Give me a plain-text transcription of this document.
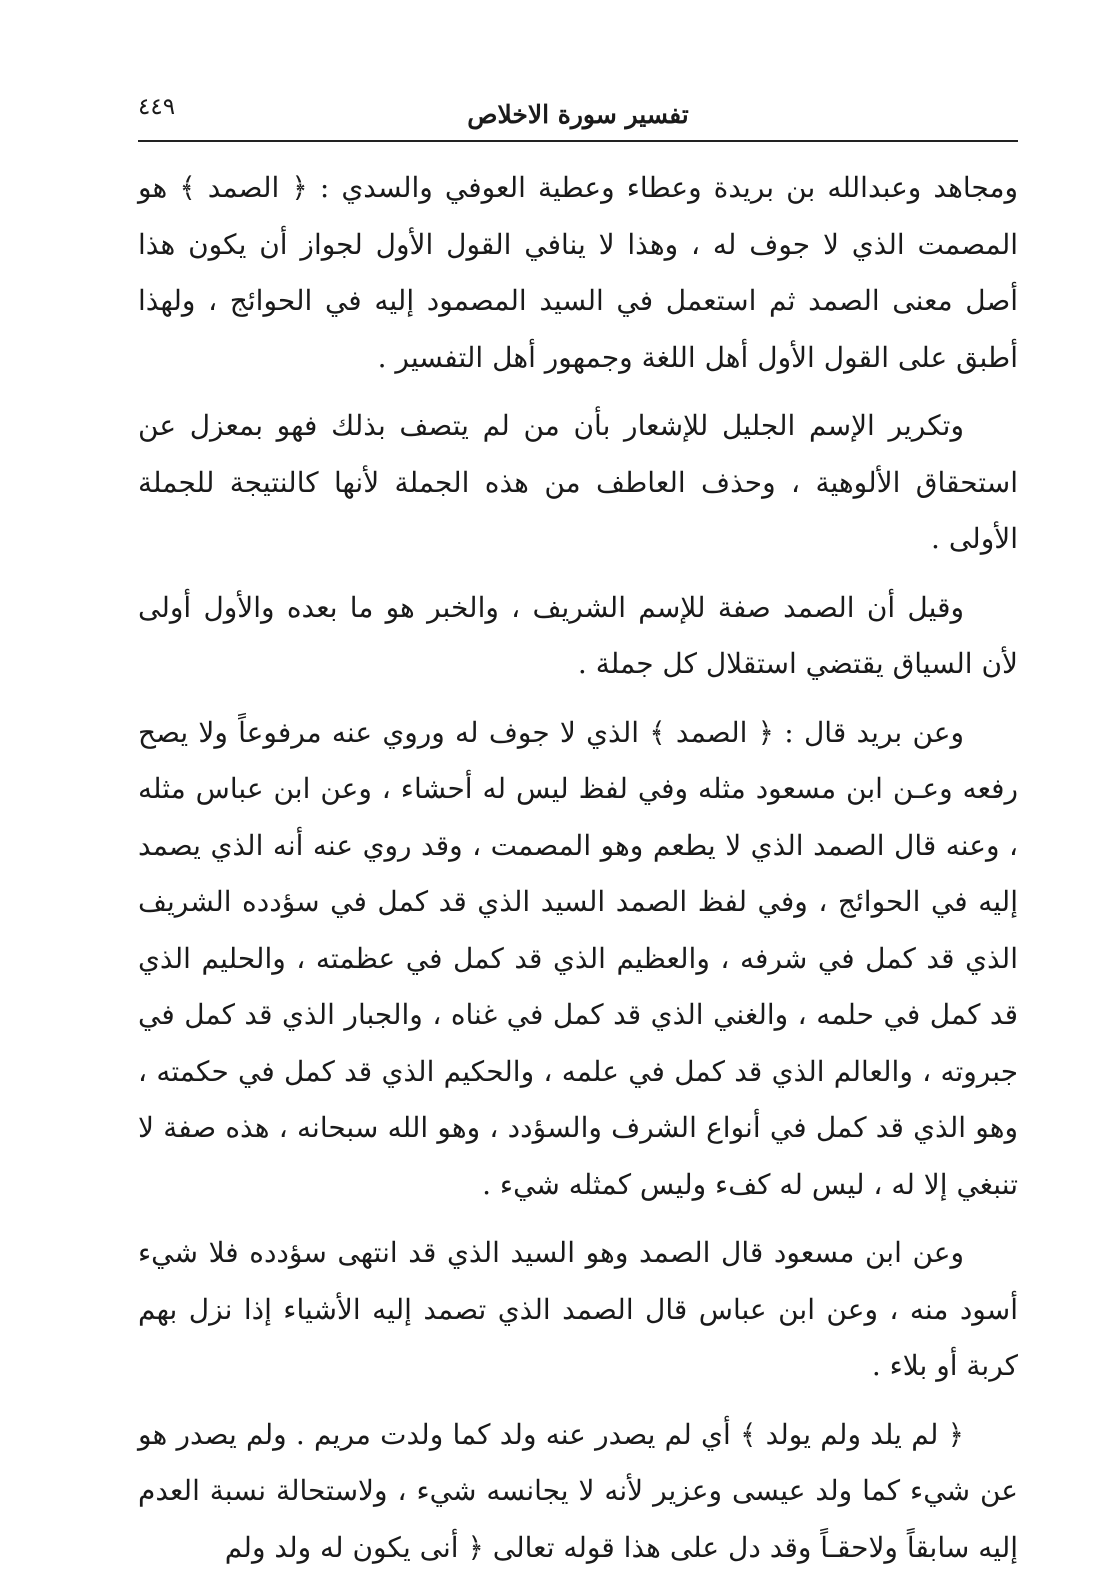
٤٤٩	تفسير سورة الاخلاص

ومجاهد وعبدالله بن بريدة وعطاء وعطية العوفي والسدي : ﴿ الصمد ﴾ هو المصمت الذي لا جوف له ، وهذا لا ينافي القول الأول لجواز أن يكون هذا أصل معنى الصمد ثم استعمل في السيد المصمود إليه في الحوائج ، ولهذا أطبق على القول الأول أهل اللغة وجمهور أهل التفسير .

وتكرير الإسم الجليل للإشعار بأن من لم يتصف بذلك فهو بمعزل عن استحقاق الألوهية ، وحذف العاطف من هذه الجملة لأنها كالنتيجة للجملة الأولى .

وقيل أن الصمد صفة للإسم الشريف ، والخبر هو ما بعده والأول أولى لأن السياق يقتضي استقلال كل جملة .

وعن بريد قال : ﴿ الصمد ﴾ الذي لا جوف له وروي عنه مرفوعاً ولا يصح رفعه وعـن ابن مسعود مثله وفي لفظ ليس له أحشاء ، وعن ابن عباس مثله ، وعنه قال الصمد الذي لا يطعم وهو المصمت ، وقد روي عنه أنه الذي يصمد إليه في الحوائج ، وفي لفظ الصمد السيد الذي قد كمل في سؤدده الشريف الذي قد كمل في شرفه ، والعظيم الذي قد كمل في عظمته ، والحليم الذي قد كمل في حلمه ، والغني الذي قد كمل في غناه ، والجبار الذي قد كمل في جبروته ، والعالم الذي قد كمل في علمه ، والحكيم الذي قد كمل في حكمته ، وهو الذي قد كمل في أنواع الشرف والسؤدد ، وهو الله سبحانه ، هذه صفة لا تنبغي إلا له ، ليس له كفء وليس كمثله شيء .

وعن ابن مسعود قال الصمد وهو السيد الذي قد انتهى سؤدده فلا شيء أسود منه ، وعن ابن عباس قال الصمد الذي تصمد إليه الأشياء إذا نزل بهم كربة أو بلاء .

﴿ لم يلد ولم يولد ﴾ أي لم يصدر عنه ولد كما ولدت مريم . ولم يصدر هو عن شيء كما ولد عيسى وعزير لأنه لا يجانسه شيء ، ولاستحالة نسبة العدم إليه سابقاً ولاحقـاً وقد دل على هذا قوله تعالى ﴿ أنى يكون له ولد ولم
